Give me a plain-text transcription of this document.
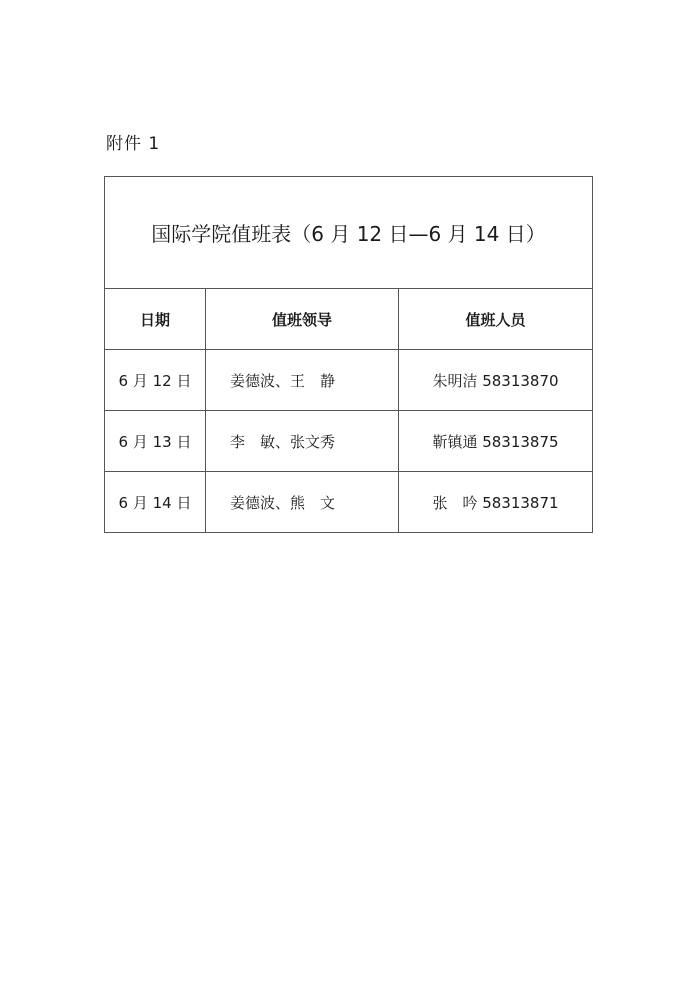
附件 1
国际学院值班表（6 月 12 日—6 月 14 日）		
日期	值班领导	值班人员
6 月 12 日	姜德波、王　静	朱明洁 58313870
6 月 13 日	李　敏、张文秀	靳镇通 58313875
6 月 14 日	姜德波、熊　文	张　吟 58313871
